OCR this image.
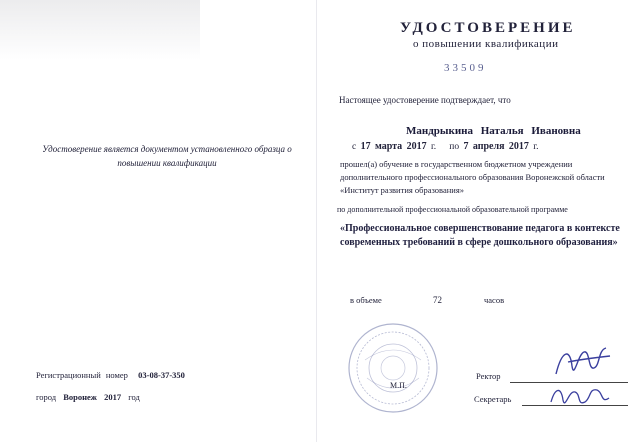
УДОСТОВЕРЕНИЕ
о повышении квалификации
33509
Настоящее удостоверение подтверждает, что
Удостоверение является документом установленного образца о повышении квалификации
Мандрыкина Наталья Ивановна
с 17 марта 2017 г. по 7 апреля 2017 г.
прошел(а) обучение в государственном бюджетном учреждении дополнительного профессионального образования Воронежской области «Институт развития образования»
по дополнительной профессиональной образовательной программе
«Профессиональное совершенствование педагога в контексте современных требований в сфере дошкольного образования»
в объеме	72	часов
Регистрационный номер 03-08-37-350
город Воронеж 2017 год
М.П.
Ректор
Секретарь
